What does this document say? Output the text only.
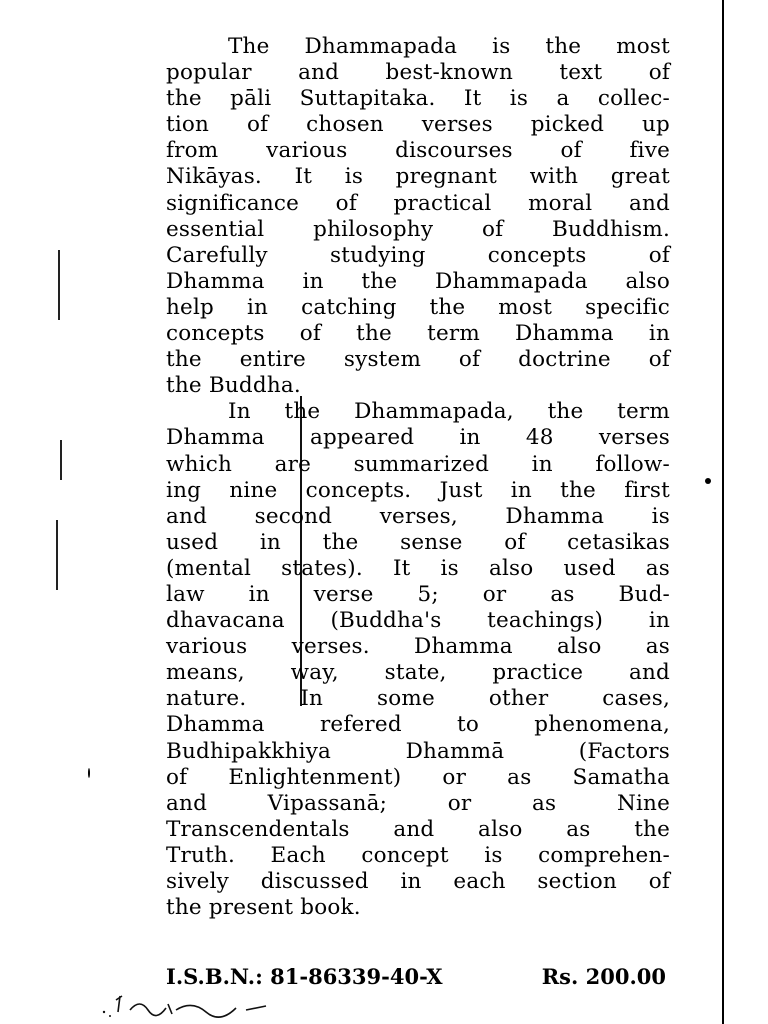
The Dhammapada is the most
popular and best-known text of
the pāli Suttapitaka. It is a collec-
tion of chosen verses picked up
from various discourses of five
Nikāyas. It is pregnant with great
significance of practical moral and
essential philosophy of Buddhism.
Carefully studying concepts of
Dhamma in the Dhammapada also
help in catching the most specific
concepts of the term Dhamma in
the entire system of doctrine of
the Buddha.
In the Dhammapada, the term
Dhamma appeared in 48 verses
which are summarized in follow-
ing nine concepts. Just in the first
and second verses, Dhamma is
used in the sense of cetasikas
(mental states). It is also used as
law in verse 5; or as Bud-
dhavacana (Buddha's teachings) in
various verses. Dhamma also as
means, way, state, practice and
nature. In some other cases,
Dhamma refered to phenomena,
Budhipakkhiya Dhammā (Factors
of Enlightenment) or as Samatha
and Vipassanā; or as Nine
Transcendentals and also as the
Truth. Each concept is comprehen-
sively discussed in each section of
the present book.
I.S.B.N.: 81-86339-40-X	Rs. 200.00
